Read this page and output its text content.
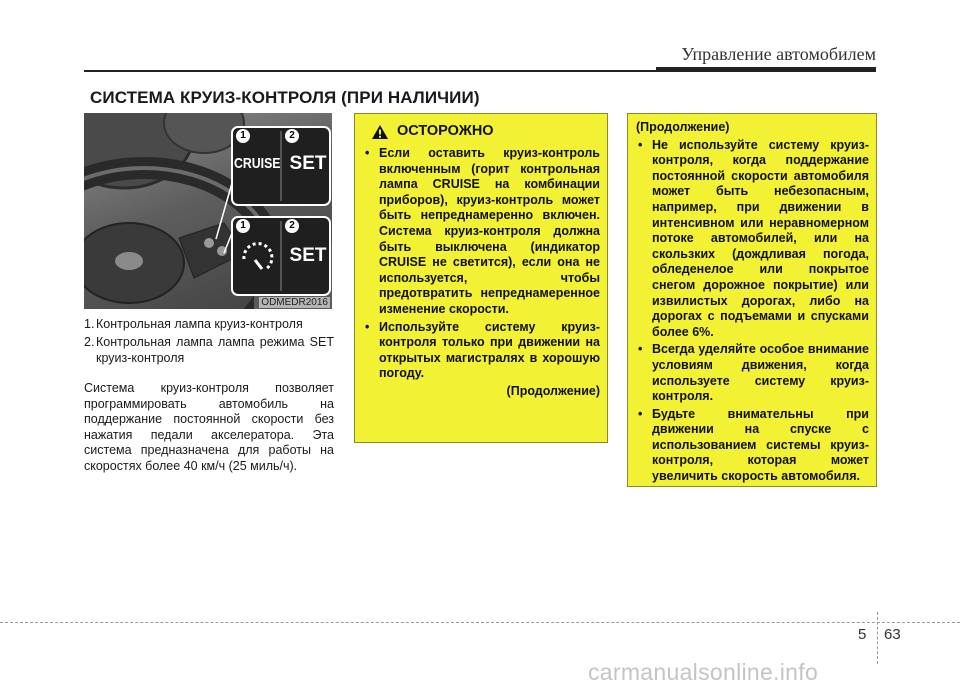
Управление автомобилем
СИСТЕМА КРУИЗ-КОНТРОЛЯ (ПРИ НАЛИЧИИ)
1	2
CRUISE SET
1	2
SET
ODMEDR2016
1. Контрольная лампа круиз-контроля
2. Контрольная лампа лампа режима SET круиз-контроля
Система круиз-контроля позволяет программировать автомобиль на поддержание постоянной скорости без нажатия педали акселератора. Эта система предназначена для работы на скоростях более 40 км/ч (25 миль/ч).
ОСТОРОЖНО
• Если оставить круиз-контроль включенным (горит контрольная лампа CRUISE на комбинации приборов), круиз-контроль может быть непреднамеренно включен. Система круиз-контроля должна быть выключена (индикатор CRUISE не светится), если она не используется, чтобы предотвратить непреднамеренное изменение скорости.
• Используйте систему круиз-контроля только при движении на открытых магистралях в хорошую погоду.
(Продолжение)
(Продолжение)
• Не используйте систему круиз-контроля, когда поддержание постоянной скорости автомобиля может быть небезопасным, например, при движении в интенсивном или неравномерном потоке автомобилей, или на скользких (дождливая погода, обледенелое или покрытое снегом дорожное покрытие) или извилистых дорогах, либо на дорогах с подъемами и спусками более 6%.
• Всегда уделяйте особое внимание условиям движения, когда используете систему круиз-контроля.
• Будьте внимательны при движении на спуске с использованием системы круиз-контроля, которая может увеличить скорость автомобиля.
5 63
carmanualsonline.info
